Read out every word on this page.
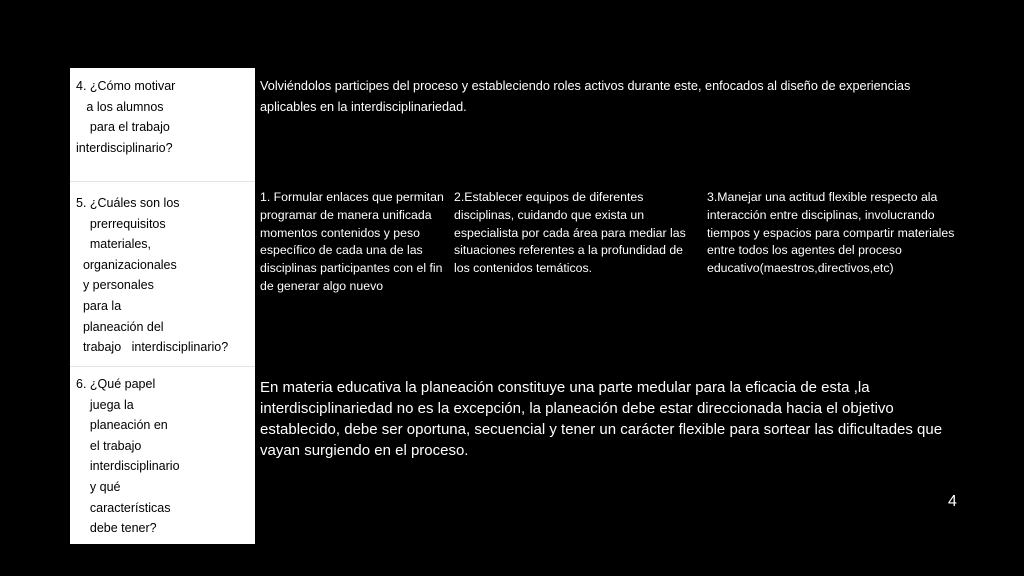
4. ¿Cómo motivar
a los alumnos
para el trabajo
interdisciplinario?

5. ¿Cuáles son los
prerrequisitos
materiales,
organizacionales
y personales
para la
planeación del
trabajo   interdisciplinario?

6. ¿Qué papel
juega la
planeación en
el trabajo
interdisciplinario
y qué
características
debe tener?

Volviéndolos participes del proceso y estableciendo roles activos durante este, enfocados al diseño de experiencias aplicables en la interdisciplinariedad.

1. Formular enlaces que permitan programar de manera unificada momentos contenidos y peso específico de cada una de las disciplinas participantes con el fin de generar algo nuevo

2.Establecer equipos de diferentes disciplinas, cuidando que exista un especialista por cada área para mediar las situaciones referentes a la profundidad de los contenidos temáticos.

3.Manejar una actitud flexible respecto ala interacción entre disciplinas, involucrando tiempos y espacios para compartir materiales entre todos los agentes del proceso educativo(maestros,directivos,etc)

En materia educativa la planeación constituye una parte medular para la eficacia de esta ,la interdisciplinariedad no es la excepción, la planeación debe estar direccionada hacia el objetivo establecido, debe ser oportuna, secuencial y tener un carácter flexible para sortear las dificultades que vayan surgiendo en el proceso.

4
